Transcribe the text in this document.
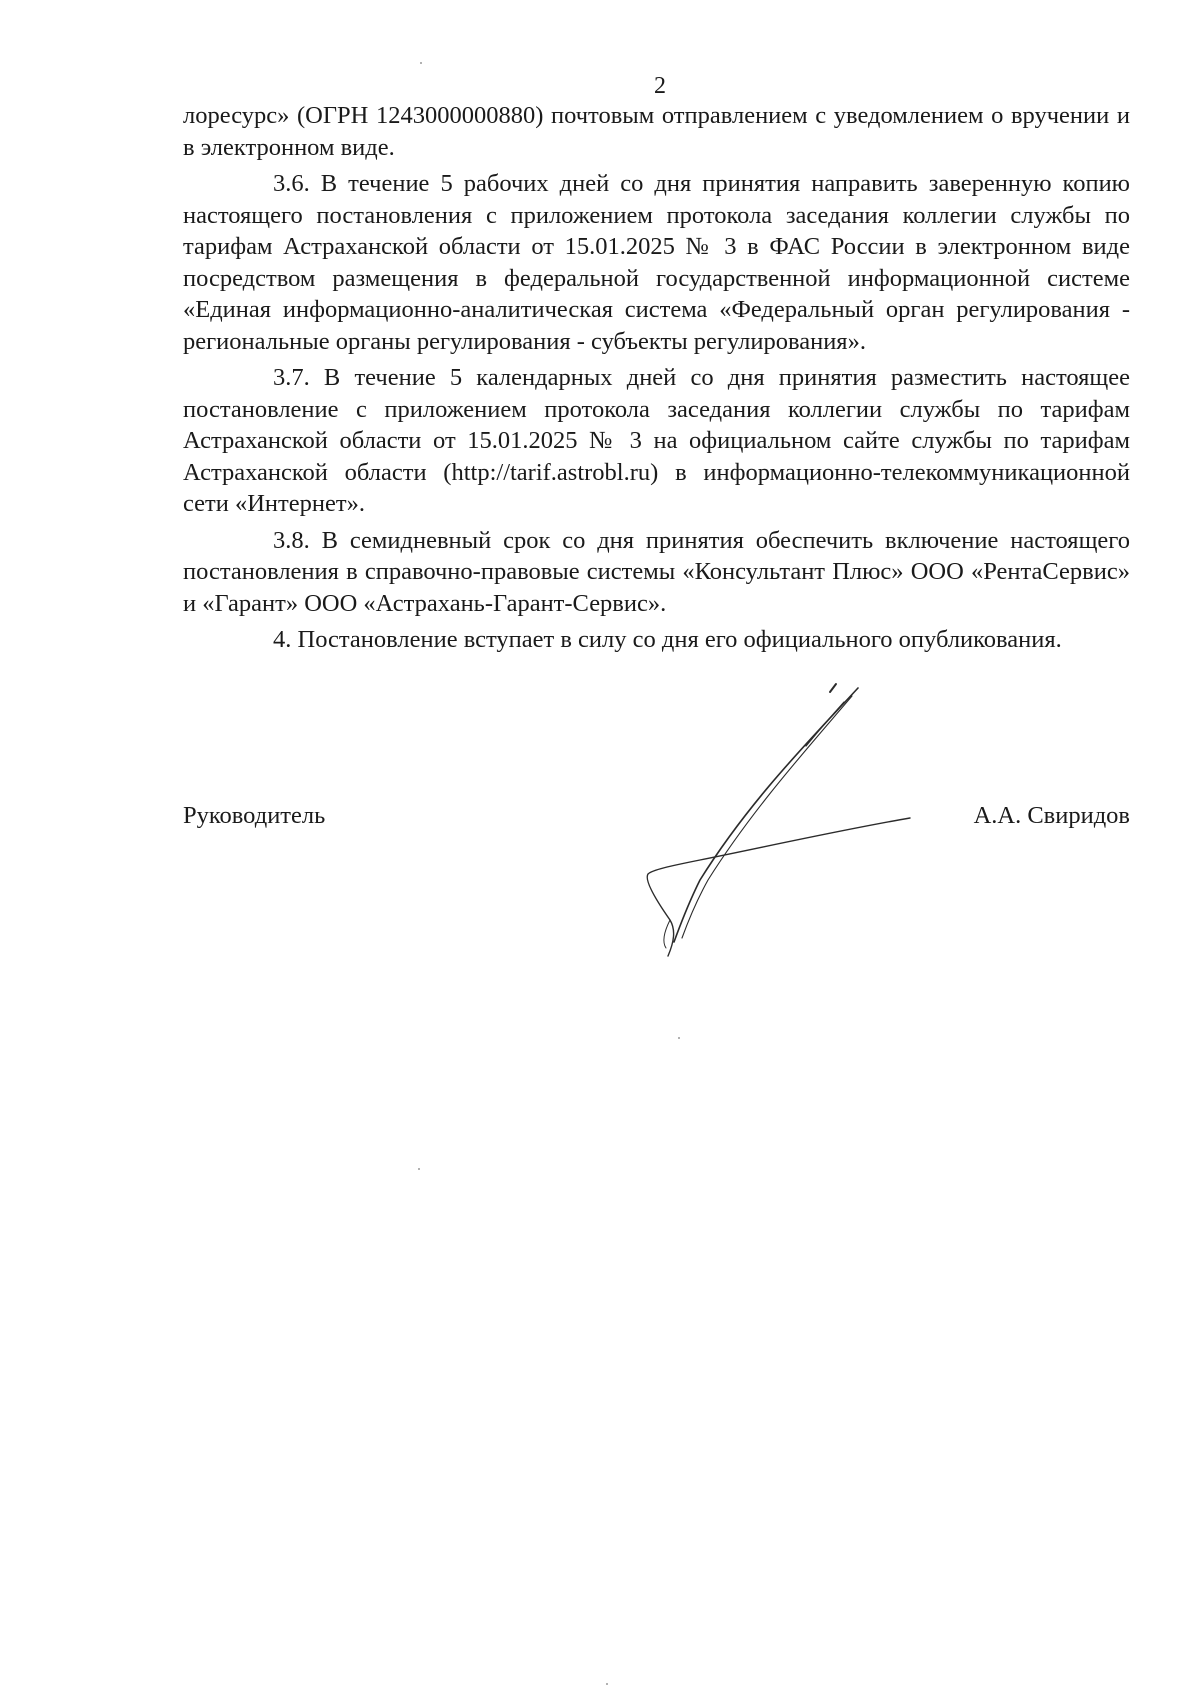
2

лоресурс» (ОГРН 1243000000880) почтовым отправлением с уведомлением о вручении и в электронном виде.

3.6. В течение 5 рабочих дней со дня принятия направить заверенную копию настоящего постановления с приложением протокола заседания коллегии службы по тарифам Астраханской области от 15.01.2025 № 3 в ФАС России в электронном виде посредством размещения в федеральной государственной информационной системе «Единая информационно-аналитическая система «Федеральный орган регулирования - региональные органы регулирования - субъекты регулирования».

3.7. В течение 5 календарных дней со дня принятия разместить настоящее постановление с приложением протокола заседания коллегии службы по тарифам Астраханской области от 15.01.2025 № 3 на официальном сайте службы по тарифам Астраханской области (http://tarif.astrobl.ru) в информационно-телекоммуникационной сети «Интернет».

3.8. В семидневный срок со дня принятия обеспечить включение настоящего постановления в справочно-правовые системы «Консультант Плюс» ООО «РентаСервис» и «Гарант» ООО «Астрахань-Гарант-Сервис».

4. Постановление вступает в силу со дня его официального опубликования.

Руководитель	А.А. Свиридов
